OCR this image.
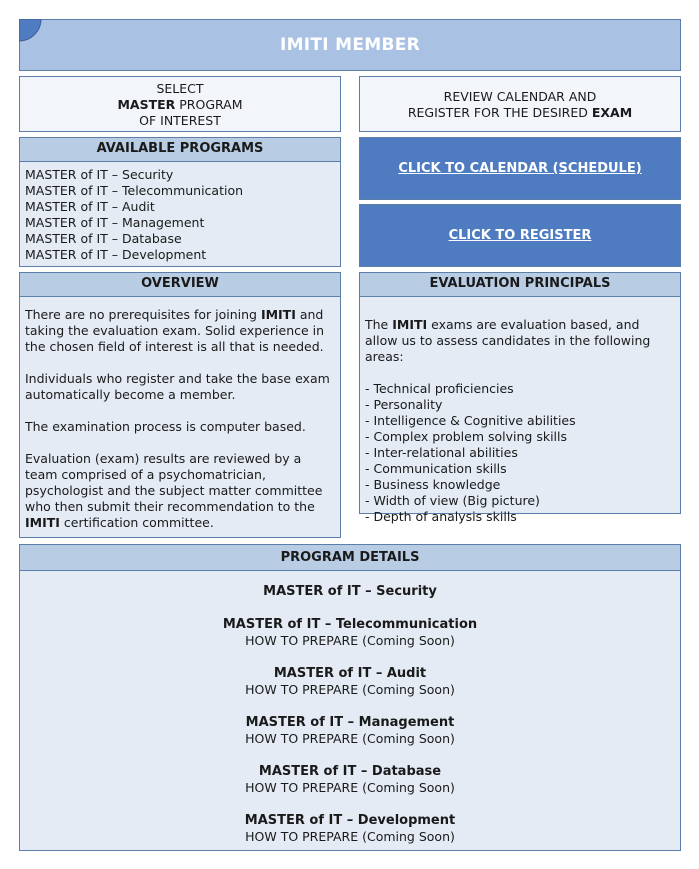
IMITI MEMBER
SELECT
MASTER PROGRAM
OF INTEREST
REVIEW CALENDAR AND
REGISTER FOR THE DESIRED EXAM
AVAILABLE PROGRAMS
MASTER of IT – Security
MASTER of IT – Telecommunication
MASTER of IT – Audit
MASTER of IT – Management
MASTER of IT – Database
MASTER of IT – Development
CLICK TO CALENDAR (SCHEDULE)
CLICK TO REGISTER
OVERVIEW

There are no prerequisites for joining IMITI and taking the evaluation exam. Solid experience in the chosen field of interest is all that is needed.

Individuals who register and take the base exam automatically become a member.

The examination process is computer based.

Evaluation (exam) results are reviewed by a team comprised of a psychomatrician, psychologist and the subject matter committee who then submit their recommendation to the IMITI certification committee.

EVALUATION PRINCIPALS

The IMITI exams are evaluation based, and allow us to assess candidates in the following areas:

- Technical proficiencies
- Personality
- Intelligence & Cognitive abilities
- Complex problem solving skills
- Inter-relational abilities
- Communication skills
- Business knowledge
- Width of view (Big picture)
- Depth of analysis skills
PROGRAM DETAILS
MASTER of IT – Security
MASTER of IT – Telecommunication
HOW TO PREPARE (Coming Soon)
MASTER of IT – Audit
HOW TO PREPARE (Coming Soon)
MASTER of IT – Management
HOW TO PREPARE (Coming Soon)
MASTER of IT – Database
HOW TO PREPARE (Coming Soon)
MASTER of IT – Development
HOW TO PREPARE (Coming Soon)
